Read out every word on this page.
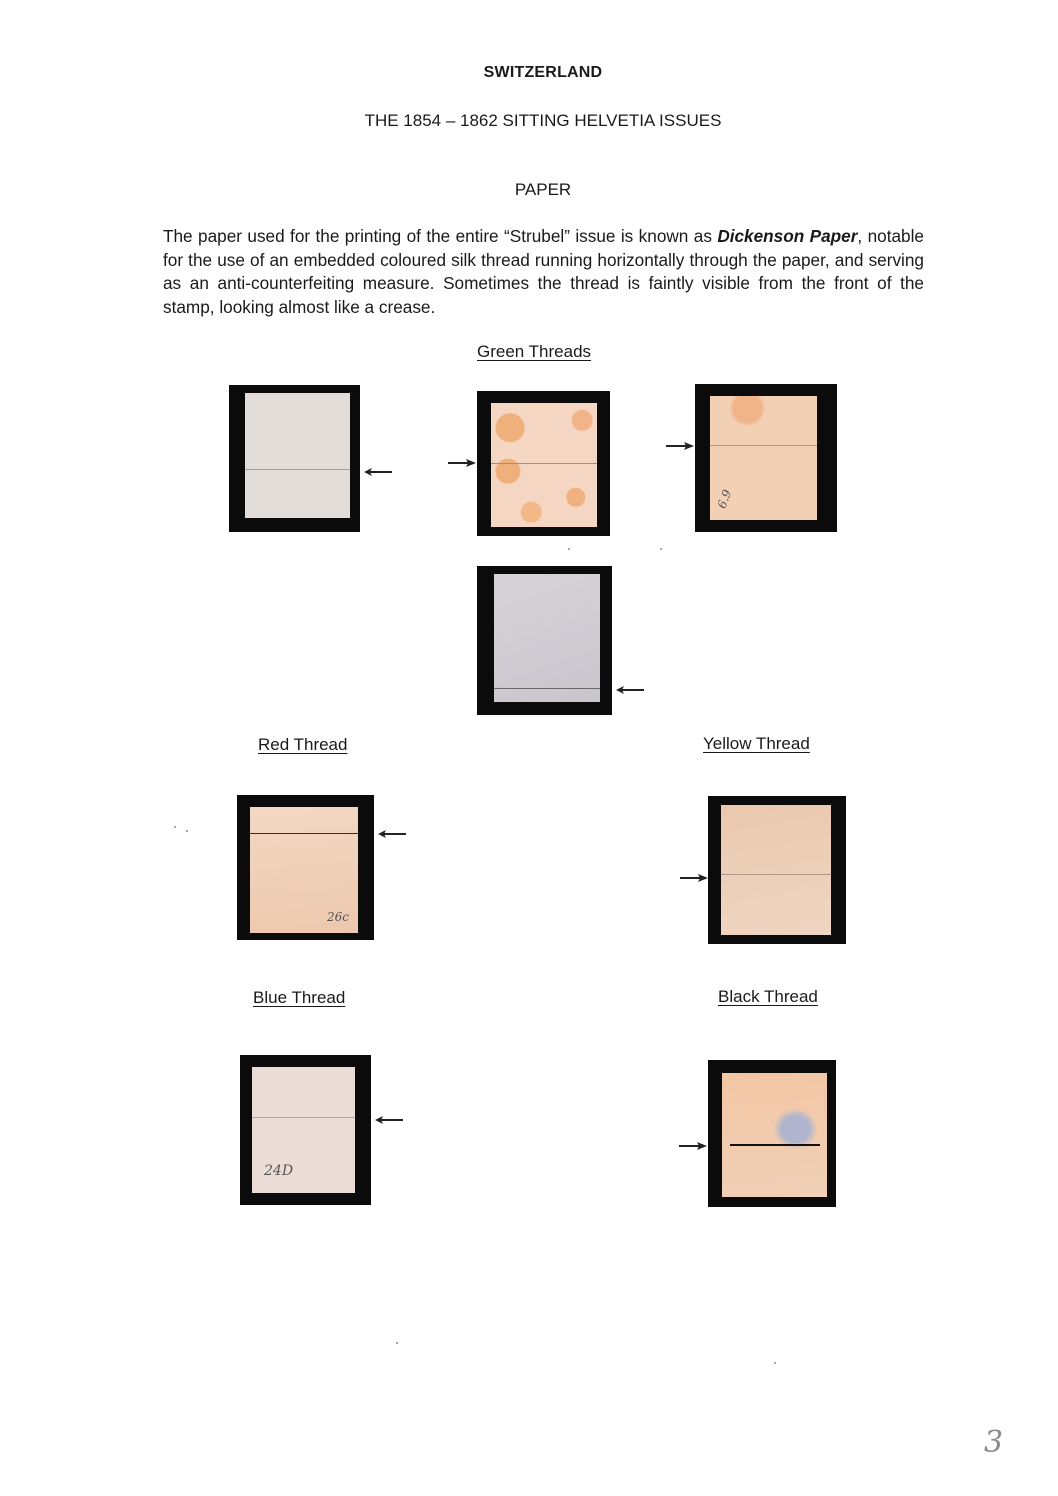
SWITZERLAND
THE 1854 – 1862 SITTING HELVETIA ISSUES
PAPER
The paper used for the printing of the entire “Strubel” issue is known as Dickenson Paper, notable for the use of an embedded coloured silk thread running horizontally through the paper, and serving as an anti-counterfeiting measure. Sometimes the thread is faintly visible from the front of the stamp, looking almost like a crease.
Green Threads
Red Thread	Yellow Thread
Blue Thread	Black Thread
6.9
26c
24D
3
